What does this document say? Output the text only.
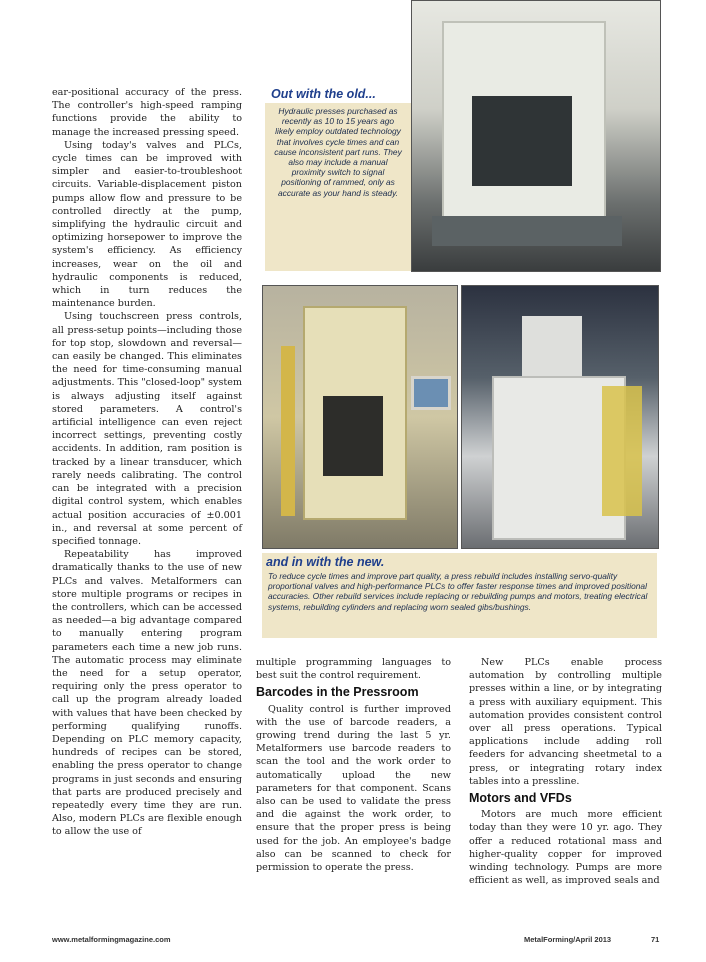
Out with the old...

Hydraulic presses purchased as recently as 10 to 15 years ago likely employ outdated technology that involves cycle times and can cause inconsistent part runs. They also may include a manual proximity switch to signal positioning of rammed, only as accurate as your hand is steady.

and in with the new.

To reduce cycle times and improve part quality, a press rebuild includes installing servo-quality proportional valves and high-performance PLCs to offer faster response times and improved positional accuracies. Other rebuild services include replacing or rebuilding pumps and motors, treating electrical systems, rebuilding cylinders and replacing worn sealed gibs/bushings.

ear-positional accuracy of the press. The controller's high-speed ramping functions provide the ability to manage the increased pressing speed.

Using today's valves and PLCs, cycle times can be improved with simpler and easier-to-troubleshoot circuits. Variable-displacement piston pumps allow flow and pressure to be controlled directly at the pump, simplifying the hydraulic circuit and optimizing horsepower to improve the system's efficiency. As efficiency increases, wear on the oil and hydraulic components is reduced, which in turn reduces the maintenance burden.

Using touchscreen press controls, all press-setup points—including those for top stop, slowdown and reversal—can easily be changed. This eliminates the need for time-consuming manual adjustments. This "closed-loop" system is always adjusting itself against stored parameters. A control's artificial intelligence can even reject incorrect settings, preventing costly accidents. In addition, ram position is tracked by a linear transducer, which rarely needs calibrating. The control can be integrated with a precision digital control system, which enables actual position accuracies of ±0.001 in., and reversal at some percent of specified tonnage.

Repeatability has improved dramatically thanks to the use of new PLCs and valves. Metalformers can store multiple programs or recipes in the controllers, which can be accessed as needed—a big advantage compared to manually entering program parameters each time a new job runs. The automatic process may eliminate the need for a setup operator, requiring only the press operator to call up the program already loaded with values that have been checked by performing qualifying runoffs. Depending on PLC memory capacity, hundreds of recipes can be stored, enabling the press operator to change programs in just seconds and ensuring that parts are produced precisely and repeatedly every time they are run. Also, modern PLCs are flexible enough to allow the use of

multiple programming languages to best suit the control requirement.

Barcodes in the Pressroom

Quality control is further improved with the use of barcode readers, a growing trend during the last 5 yr. Metalformers use barcode readers to scan the tool and the work order to automatically upload the new parameters for that component. Scans also can be used to validate the press and die against the work order, to ensure that the proper press is being used for the job. An employee's badge also can be scanned to check for permission to operate the press.

New PLCs enable process automation by controlling multiple presses within a line, or by integrating a press with auxiliary equipment. This automation provides consistent control over all press operations. Typical applications include adding roll feeders for advancing sheetmetal to a press, or integrating rotary index tables into a pressline.

Motors and VFDs

Motors are much more efficient today than they were 10 yr. ago. They offer a reduced rotational mass and higher-quality copper for improved winding technology. Pumps are more efficient as well, as improved seals and

www.metalformingmagazine.com	MetalForming/April 2013	71
